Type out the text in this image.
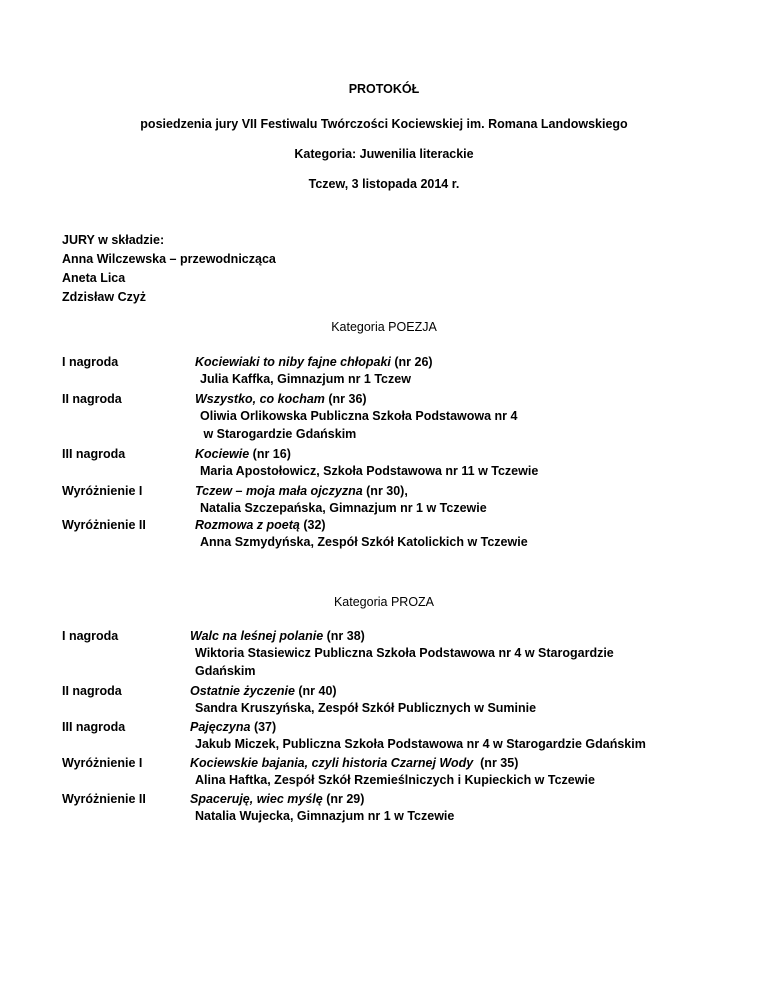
PROTOKÓŁ
posiedzenia jury VII Festiwalu Twórczości Kociewskiej im. Romana Landowskiego
Kategoria: Juwenilia literackie
Tczew, 3 listopada 2014 r.
JURY w składzie:
Anna Wilczewska – przewodnicząca
Aneta Lica
Zdzisław Czyż
Kategoria POEZJA
I nagroda
II nagroda
III nagroda
Wyróżnienie I
Wyróżnienie II
Kociewiaki to niby fajne chłopaki (nr 26)
Julia Kaffka, Gimnazjum nr 1 Tczew
Wszystko, co kocham (nr 36)
Oliwia Orlikowska Publiczna Szkoła Podstawowa nr 4
w Starogardzie Gdańskim
Kociewie (nr 16)
Maria Apostołowicz, Szkoła Podstawowa nr 11 w Tczewie
Tczew – moja mała ojczyzna (nr 30),
Natalia Szczepańska, Gimnazjum nr 1 w Tczewie
Rozmowa z poetą (32)
Anna Szmydyńska, Zespół Szkół Katolickich w Tczewie
Kategoria PROZA
I nagroda
II nagroda
III nagroda
Wyróżnienie I
Wyróżnienie II
Walc na leśnej polanie (nr 38)
Wiktoria Stasiewicz Publiczna Szkoła Podstawowa nr 4 w Starogardzie
Gdańskim
Ostatnie życzenie (nr 40)
Sandra Kruszyńska, Zespół Szkół Publicznych w Suminie
Pajęczyna (37)
Jakub Miczek, Publiczna Szkoła Podstawowa nr 4 w Starogardzie Gdańskim
Kociewskie bajania, czyli historia Czarnej Wody  (nr 35)
Alina Haftka, Zespół Szkół Rzemieślniczych i Kupieckich w Tczewie
Spaceruję, wiec myślę (nr 29)
Natalia Wujecka, Gimnazjum nr 1 w Tczewie
